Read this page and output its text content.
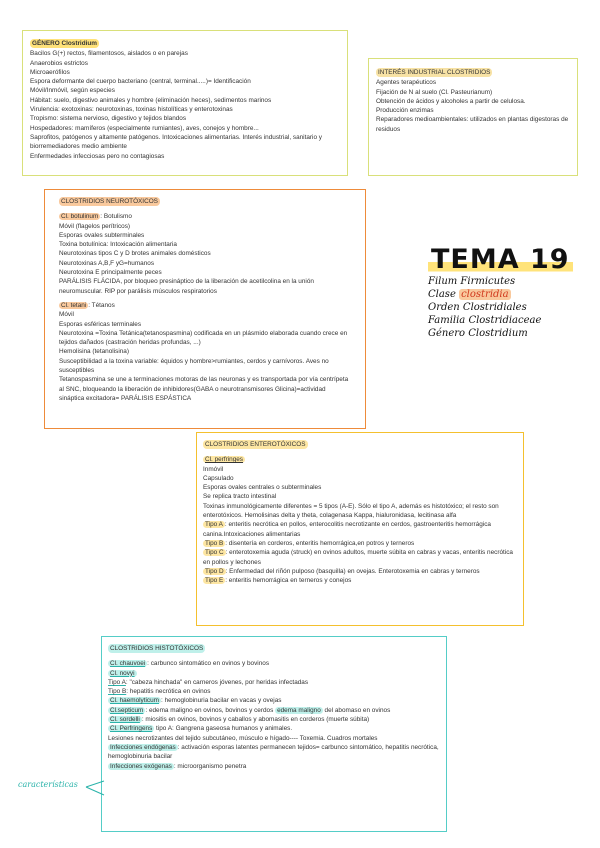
GÉNERO Clostridium

Bacilos G(+) rectos, filamentosos, aislados o en parejas

Anaerobios estrictos

Microaerófilos

Espora deformante del cuerpo bacteriano (central, terminal.....)= Identificación

Móvil/Inmóvil, según especies

Hábitat: suelo, digestivo animales y hombre (eliminación heces), sedimentos marinos

Virulencia: exotoxinas: neurotoxinas, toxinas histolíticas y enterotoxinas

Tropismo: sistema nervioso, digestivo y tejidos blandos

Hospedadores: mamíferos (especialmente rumiantes), aves, conejos y hombre...

Saprofitos, patógenos y altamente patógenos. Intoxicaciones alimentarias. Interés industrial, sanitario y biorremediadores medio ambiente

Enfermedades infecciosas pero no contagiosas

INTERÉS INDUSTRIAL CLOSTRIDIOS

Agentes terapéuticos

Fijación de N al suelo (Cl. Pasteurianum)

Obtención de ácidos y alcoholes a partir de celulosa.

Producción enzimas

Reparadores medioambientales: utilizados en plantas digestoras de residuos

TEMA 19
Filum Firmicutes
Clase clostridia
Orden Clostridiales
Familia Clostridiaceae
Género Clostridium
CLOSTRIDIOS NEUROTÓXICOS

Cl. botulinum : Botulismo

Móvil (flagelos perítricos)

Esporas ovales subterminales

Toxina botulínica: Intoxicación alimentaria

Neurotoxinas tipos C y D brotes animales domésticos

Neurotoxinas A,B,F yG=humanos

Neurotoxina E principalmente peces

PARÁLISIS FLÁCIDA, por bloqueo presináptico de la liberación de acetilcolina en la unión neuromuscular. RIP por parálisis músculos respiratorios

Cl. tetani : Tétanos

Móvil

Esporas esféricas terminales

Neurotoxina =Toxina Tetánica(tetanospasmina) codificada en un plásmido elaborada cuando crece en tejidos dañados (castración heridas profundas, ...)

Hemolisina (tetanolisina)

Susceptibilidad a la toxina variable: équidos y hombre>rumiantes, cerdos y carnívoros. Aves no susceptibles

Tetanospasmina se une a terminaciones motoras de las neuronas y es transportada por vía centrípeta al SNC, bloqueando la liberación de inhibidores(GABA o neurotransmisores Glicina)=actividad sináptica excitadora= PARÁLISIS ESPÁSTICA

CLOSTRIDIOS ENTEROTÓXICOS

Cl. perfringes

Inmóvil

Capsulado

Esporas ovales centrales o subterminales

Se replica tracto intestinal

Toxinas inmunológicamente diferentes = 5 tipos (A-E). Sólo el tipo A, además es histotóxico; el resto son enterotóxicos. Hemolisinas delta y theta, colagenasa Kappa, hialuronidasa, lecitinasa alfa

Tipo A : enteritis necrótica en pollos, enterocolitis necrotizante en cerdos, gastroenteritis hemorrágica canina.Intoxicaciones alimentarias

Tipo B : disentería en corderos, enteritis hemorrágica,en potros y terneros

Tipo C : enterotoxemia aguda (struck) en ovinos adultos, muerte súbita en cabras y vacas, enteritis necrótica en pollos y lechones

Tipo D : Enfermedad del riñón pulposo (basquilla) en ovejas. Enterotoxemia en cabras y terneros

Tipo E : enteritis hemorrágica en terneros y conejos

CLOSTRIDIOS HISTOTÓXICOS

Cl. chauvoei : carbunco sintomático en ovinos y bovinos

Cl. novyi

Tipo A: "cabeza hinchada" en carneros jóvenes, por heridas infectadas

Tipo B: hepatitis necrótica en ovinos

Cl. haemolyticum : hemoglobinuria bacilar en vacas y ovejas

Cl.septicum : edema maligno en ovinos, bovinos y cerdos edema maligno del abomaso en ovinos

Cl. sordelli : miositis en ovinos, bovinos y caballos y abomasitis en corderos (muerte súbita)

Cl. Perfringens tipo A: Gangrena gaseosa humanos y animales.

Lesiones necrotizantes del tejido subcutáneo, músculo e hígado---- Toxemia. Cuadros mortales

Infecciones endógenas : activación esporas latentes permanecen tejidos= carbunco sintomático, hepatitis necrótica, hemoglobinuria bacilar

Infecciones exógenas : microorganismo penetra

características
